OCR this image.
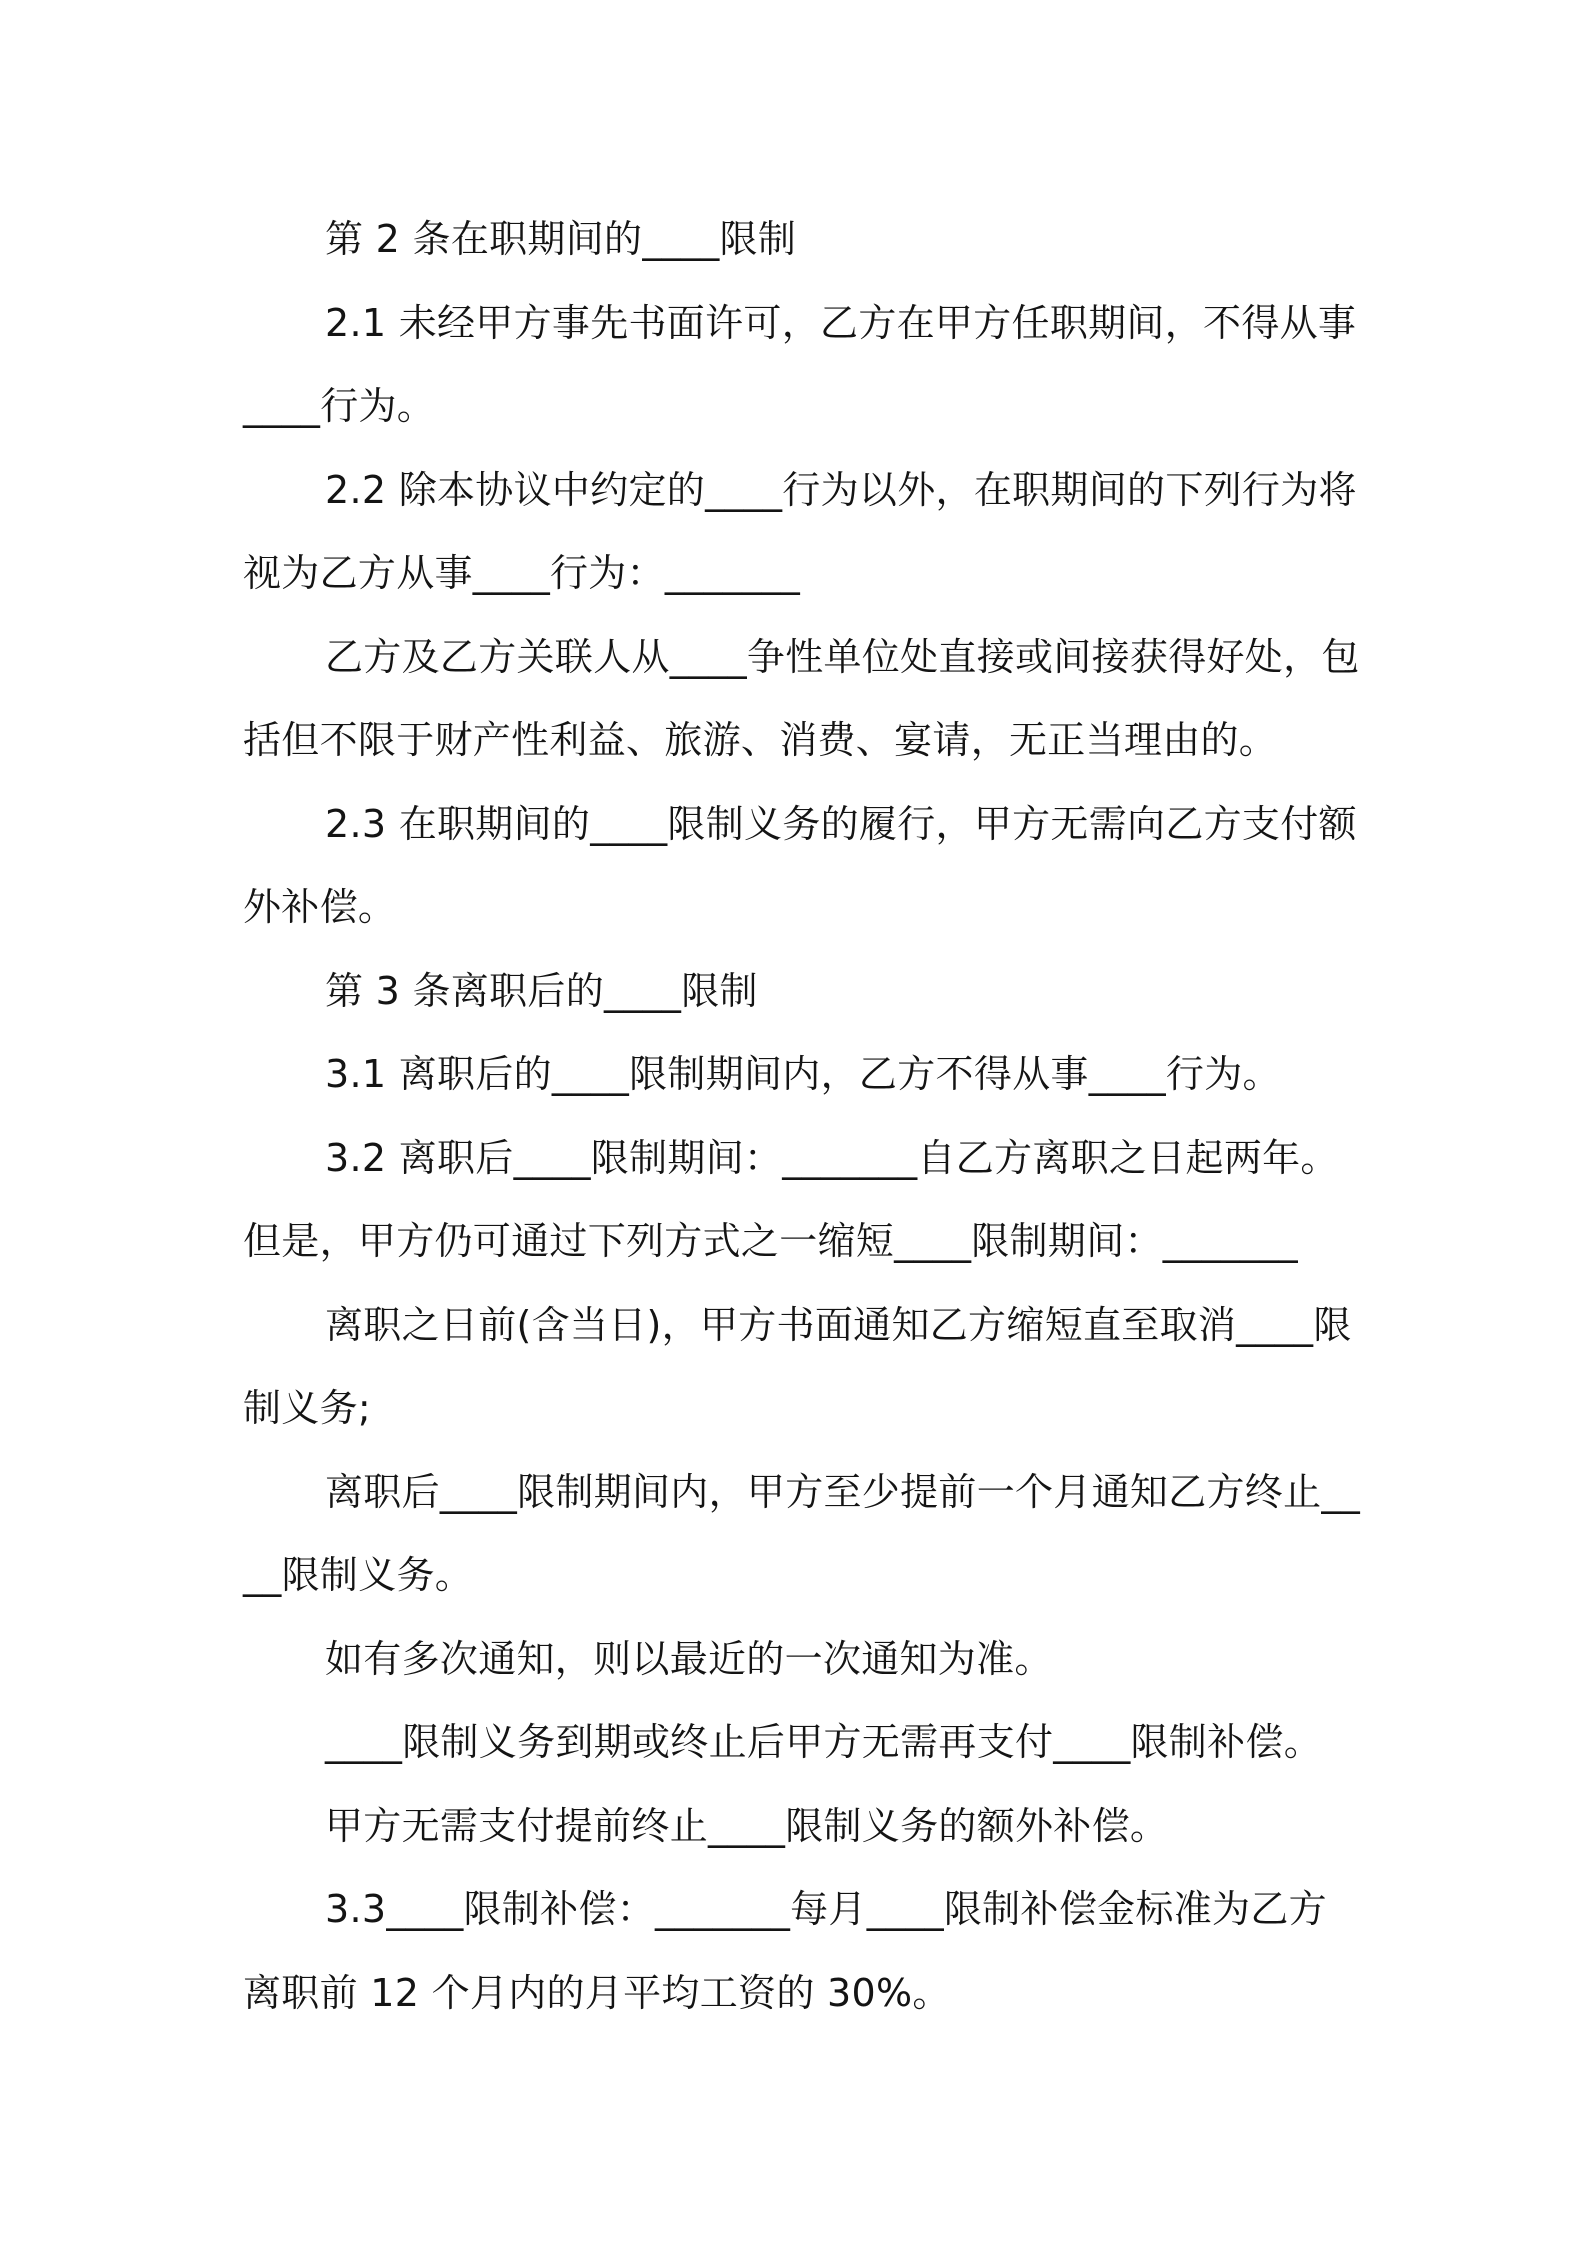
第 2 条在职期间的____限制

2.1 未经甲方事先书面许可，乙方在甲方任职期间，不得从事____行为。

2.2 除本协议中约定的____行为以外，在职期间的下列行为将视为乙方从事____行为：_______

乙方及乙方关联人从____争性单位处直接或间接获得好处，包括但不限于财产性利益、旅游、消费、宴请，无正当理由的。

2.3 在职期间的____限制义务的履行，甲方无需向乙方支付额外补偿。

第 3 条离职后的____限制

3.1 离职后的____限制期间内，乙方不得从事____行为。

3.2 离职后____限制期间：_______自乙方离职之日起两年。但是，甲方仍可通过下列方式之一缩短____限制期间：_______

离职之日前(含当日)，甲方书面通知乙方缩短直至取消____限制义务;

离职后____限制期间内，甲方至少提前一个月通知乙方终止____限制义务。

如有多次通知，则以最近的一次通知为准。

____限制义务到期或终止后甲方无需再支付____限制补偿。

甲方无需支付提前终止____限制义务的额外补偿。

3.3____限制补偿：_______每月____限制补偿金标准为乙方离职前 12 个月内的月平均工资的 30%。
